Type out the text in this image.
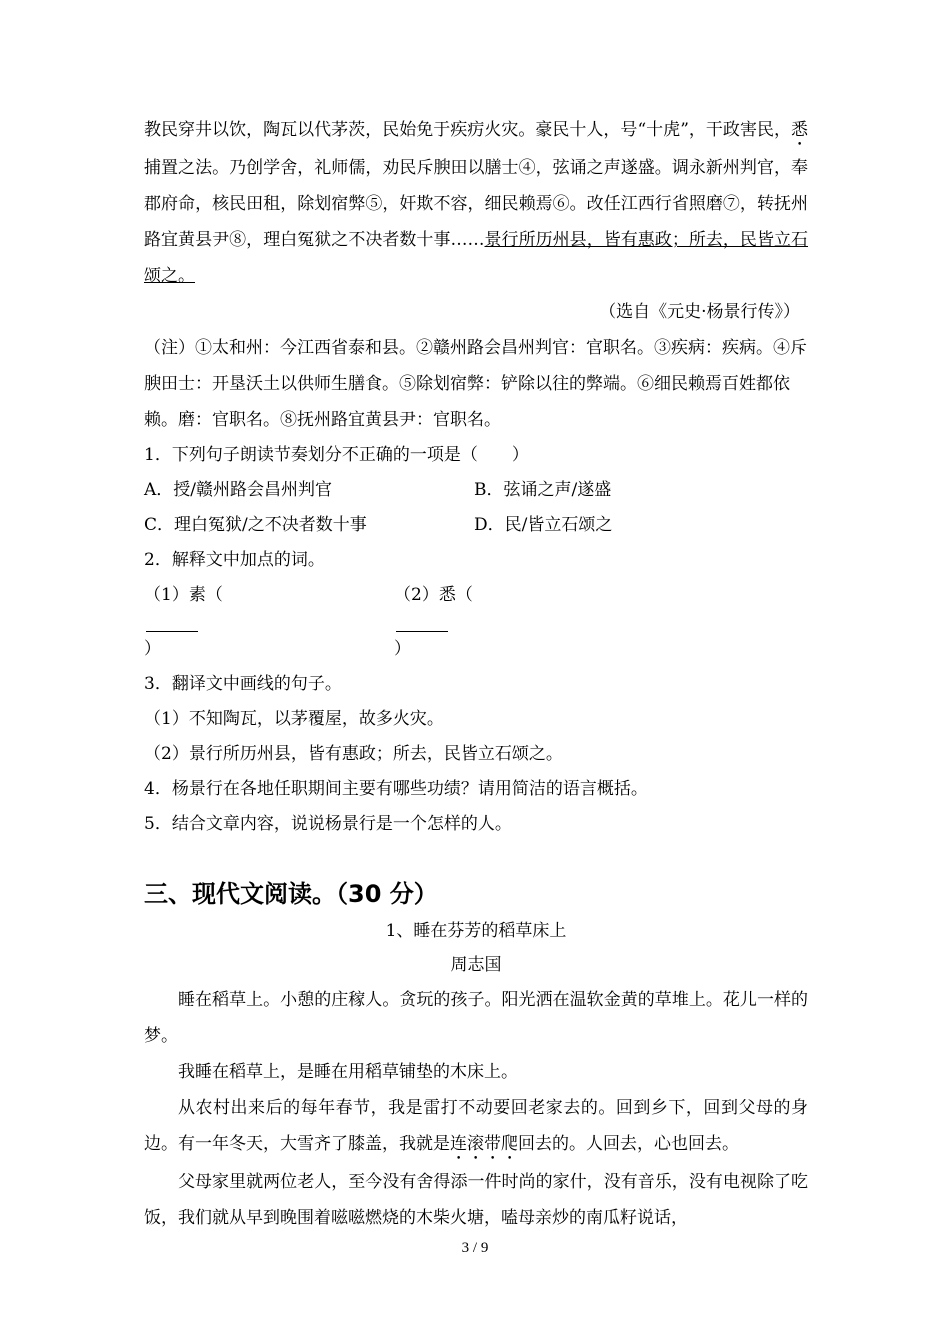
教民穿井以饮，陶瓦以代茅茨，民始免于疾疠火灾。豪民十人，号“十虎”，干政害民，悉捕置之法。乃创学舍，礼师儒，劝民斥腴田以膳士④，弦诵之声遂盛。调永新州判官，奉郡府命，核民田租，除划宿弊⑤，奸欺不容，细民赖焉⑥。改任江西行省照磨⑦，转抚州路宜黄县尹⑧，理白冤狱之不决者数十事……景行所历州县，皆有惠政；所去，民皆立石颂之。

（选自《元史·杨景行传》）

（注）①太和州：今江西省泰和县。②赣州路会昌州判官：官职名。③疾病：疾病。④斥腴田士：开垦沃土以供师生膳食。⑤除划宿弊：铲除以往的弊端。⑥细民赖焉百姓都依赖。磨：官职名。⑧抚州路宜黄县尹：官职名。

1．下列句子朗读节奏划分不正确的一项是（　　）

A．授/赣州路会昌州判官	B．弦诵之声/遂盛
C．理白冤狱/之不决者数十事	D．民/皆立石颂之

2．解释文中加点的词。

（1）素（
）
（2）悉（
）

3．翻译文中画线的句子。

（1）不知陶瓦，以茅覆屋，故多火灾。

（2）景行所历州县，皆有惠政；所去，民皆立石颂之。

4．杨景行在各地任职期间主要有哪些功绩？请用简洁的语言概括。

5．结合文章内容，说说杨景行是一个怎样的人。

三、现代文阅读。（30 分）

1、睡在芬芳的稻草床上

周志国

睡在稻草上。小憩的庄稼人。贪玩的孩子。阳光洒在温软金黄的草堆上。花儿一样的梦。

我睡在稻草上，是睡在用稻草铺垫的木床上。

从农村出来后的每年春节，我是雷打不动要回老家去的。回到乡下，回到父母的身边。有一年冬天，大雪齐了膝盖，我就是连滚带爬回去的。人回去，心也回去。

父母家里就两位老人，至今没有舍得添一件时尚的家什，没有音乐，没有电视除了吃饭，我们就从早到晚围着嗞嗞燃烧的木柴火塘，嗑母亲炒的南瓜籽说话，

3 / 9
